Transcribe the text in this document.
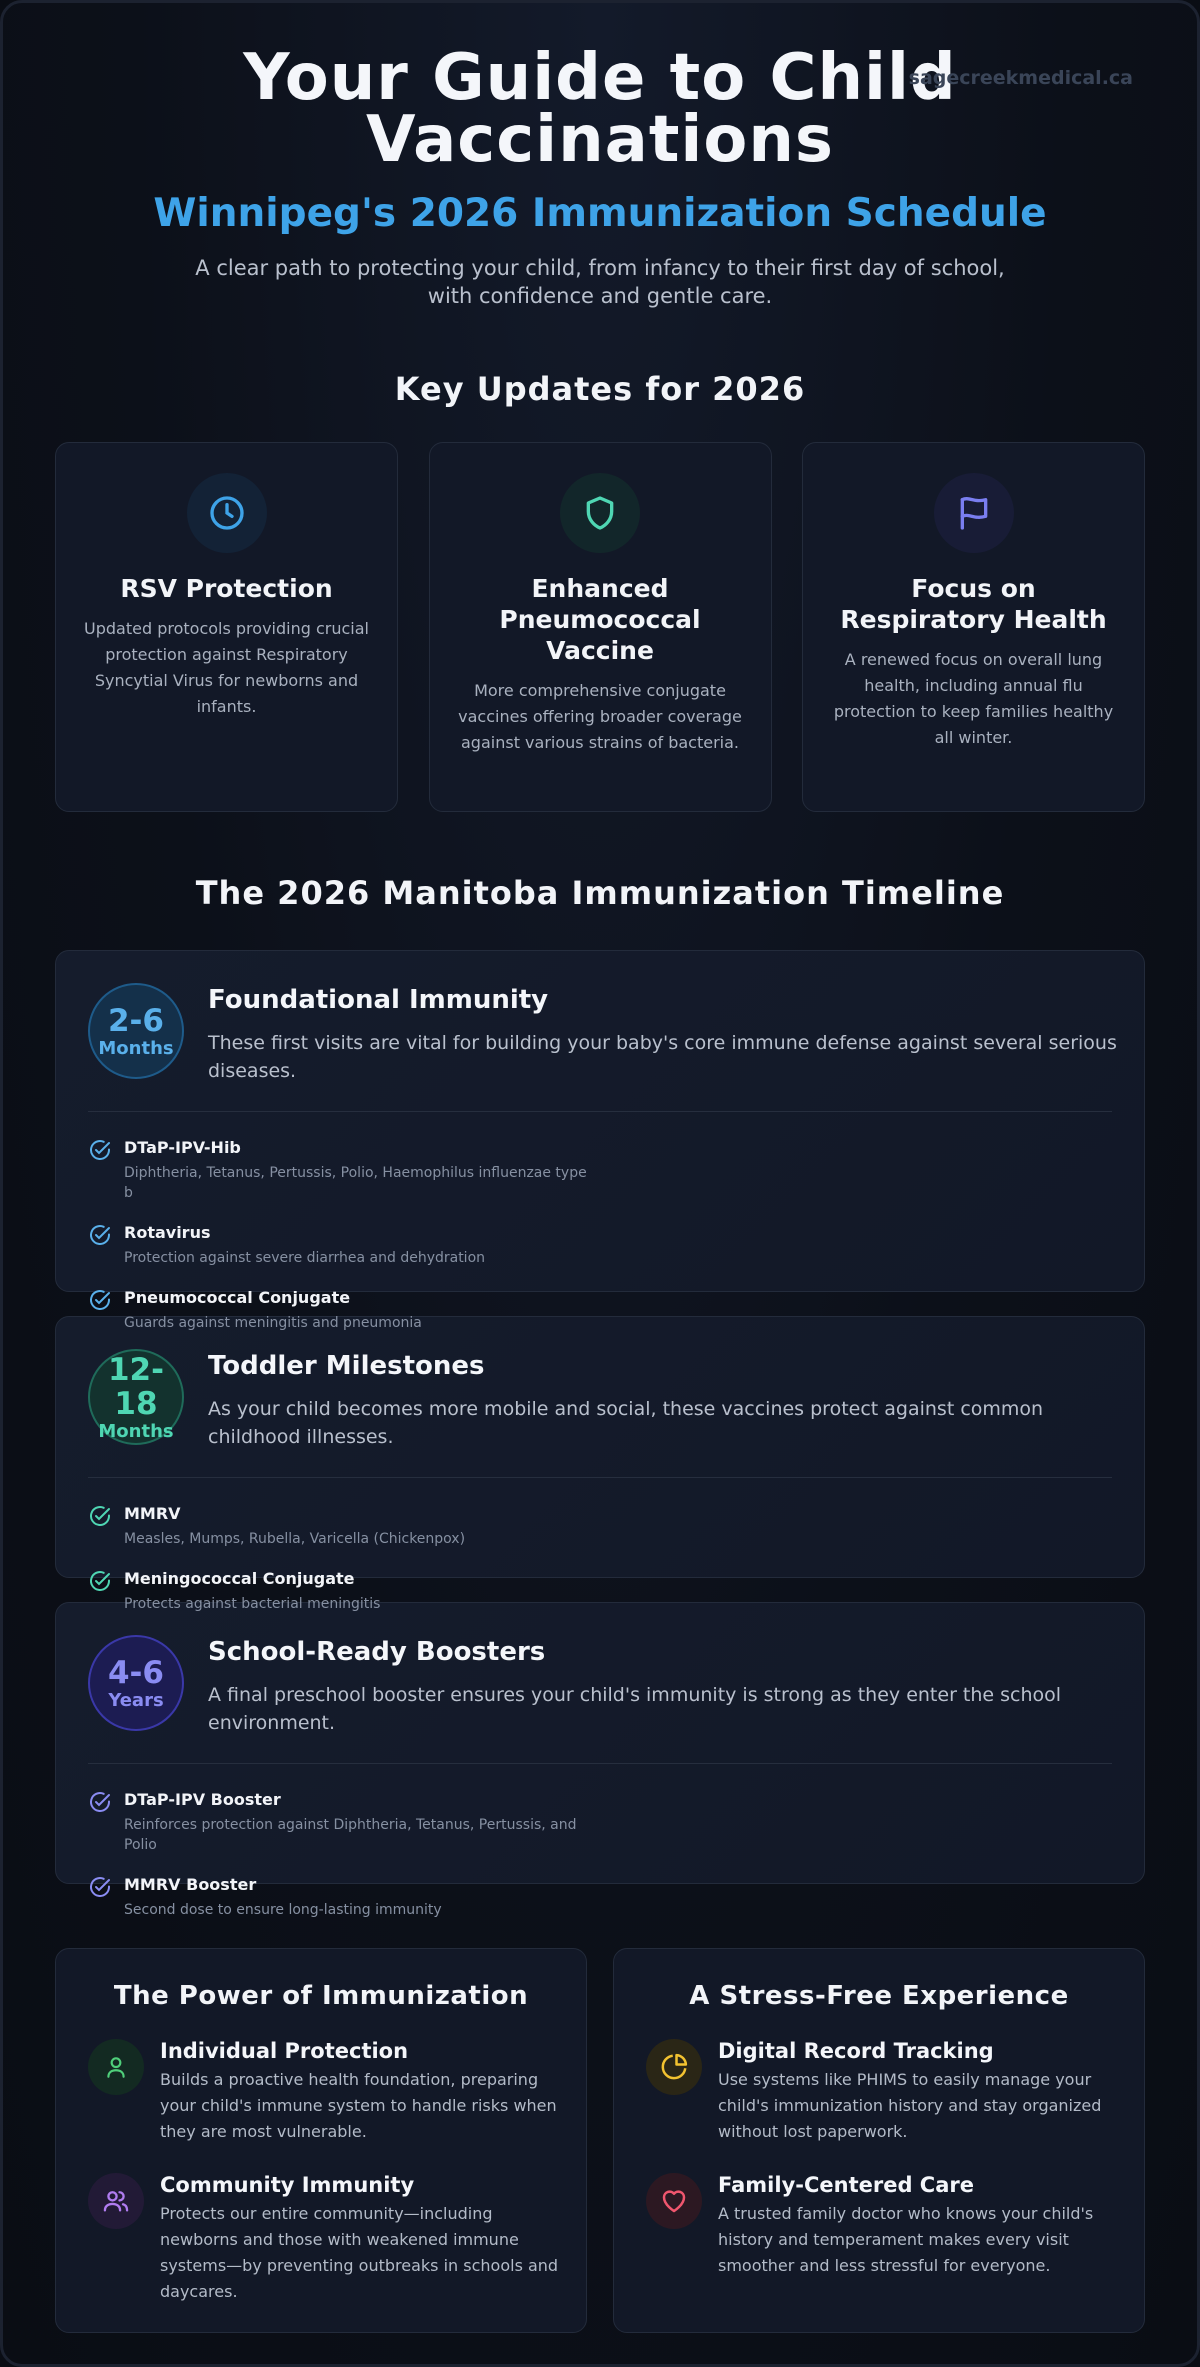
sagecreekmedical.ca
Your Guide to Child Vaccinations
Winnipeg's 2026 Immunization Schedule

A clear path to protecting your child, from infancy to their first day of school, with confidence and gentle care.

Key Updates for 2026
RSV Protection

Updated protocols providing crucial protection against Respiratory Syncytial Virus for newborns and infants.

Enhanced Pneumococcal Vaccine

More comprehensive conjugate vaccines offering broader coverage against various strains of bacteria.

Focus on Respiratory Health

A renewed focus on overall lung health, including annual flu protection to keep families healthy all winter.

The 2026 Manitoba Immunization Timeline
2-6
Months
Foundational Immunity

These first visits are vital for building your baby's core immune defense against several serious diseases.

DTaP-IPV-Hib
Diphtheria, Tetanus, Pertussis, Polio, Haemophilus influenzae type b
Rotavirus
Protection against severe diarrhea and dehydration
Pneumococcal Conjugate
Guards against meningitis and pneumonia
12-18
Months
Toddler Milestones

As your child becomes more mobile and social, these vaccines protect against common childhood illnesses.

MMRV
Measles, Mumps, Rubella, Varicella (Chickenpox)
Meningococcal Conjugate
Protects against bacterial meningitis
4-6
Years
School-Ready Boosters

A final preschool booster ensures your child's immunity is strong as they enter the school environment.

DTaP-IPV Booster
Reinforces protection against Diphtheria, Tetanus, Pertussis, and Polio
MMRV Booster
Second dose to ensure long-lasting immunity
The Power of Immunization
Individual Protection

Builds a proactive health foundation, preparing your child's immune system to handle risks when they are most vulnerable.

Community Immunity

Protects our entire community—including newborns and those with weakened immune systems—by preventing outbreaks in schools and daycares.

A Stress-Free Experience
Digital Record Tracking

Use systems like PHIMS to easily manage your child's immunization history and stay organized without lost paperwork.

Family-Centered Care

A trusted family doctor who knows your child's history and temperament makes every visit smoother and less stressful for everyone.
